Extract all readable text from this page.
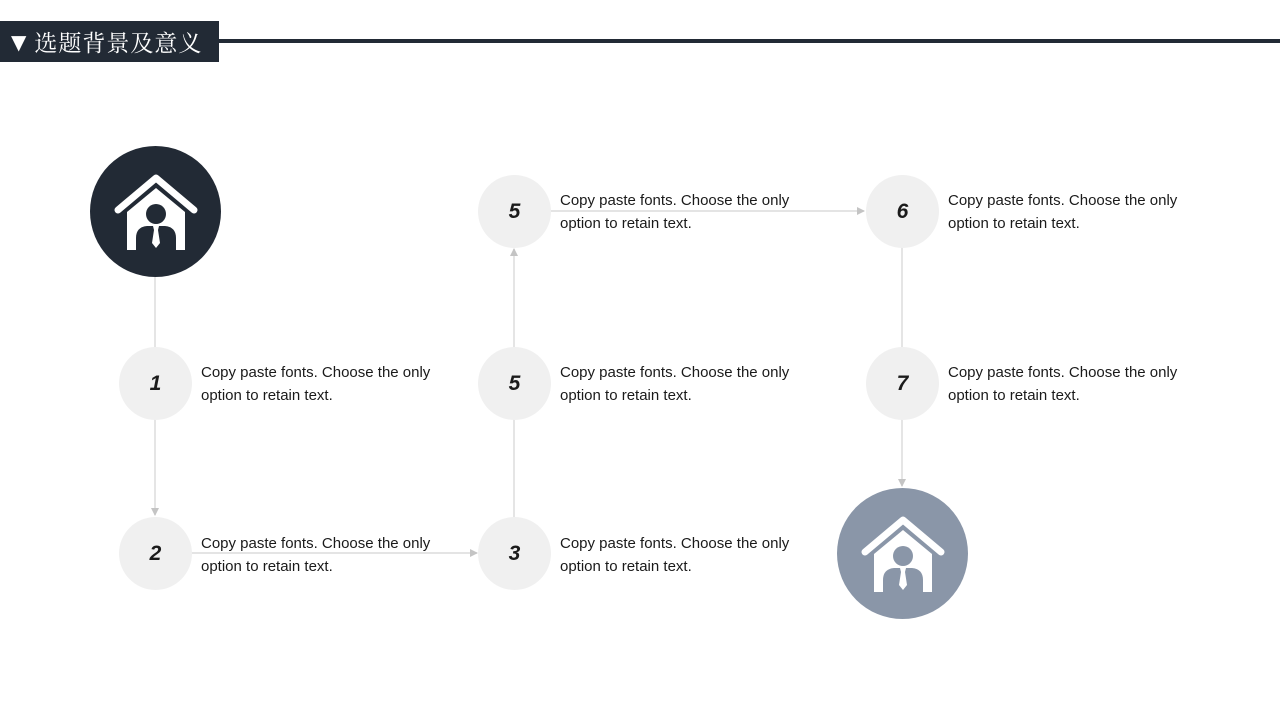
▼ 选题背景及意义
1	Copy paste fonts. Choose the only option to retain text.
2	Copy paste fonts. Choose the only option to retain text.
3	Copy paste fonts. Choose the only option to retain text.
5	Copy paste fonts. Choose the only option to retain text.
5	Copy paste fonts. Choose the only option to retain text.
6	Copy paste fonts. Choose the only option to retain text.
7	Copy paste fonts. Choose the only option to retain text.
